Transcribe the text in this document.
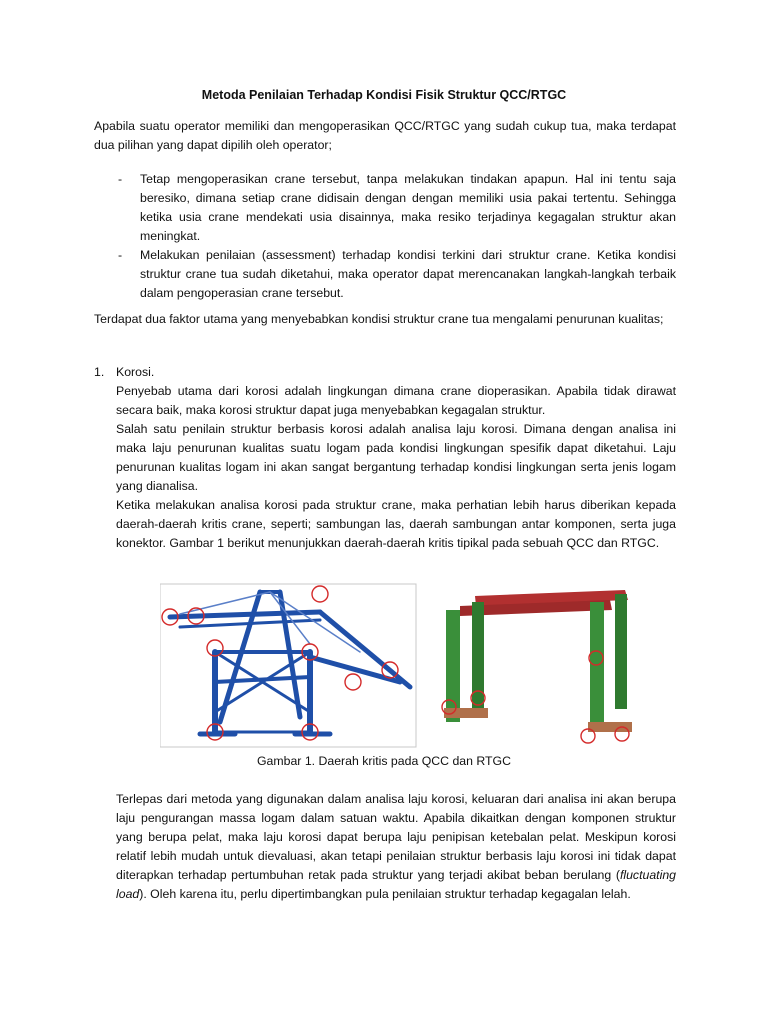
Metoda Penilaian Terhadap Kondisi Fisik Struktur QCC/RTGC

Apabila suatu operator memiliki dan mengoperasikan QCC/RTGC yang sudah cukup tua, maka terdapat dua pilihan yang dapat dipilih oleh operator;

- Tetap mengoperasikan crane tersebut, tanpa melakukan tindakan apapun. Hal ini tentu saja beresiko, dimana setiap crane didisain dengan dengan memiliki usia pakai tertentu. Sehingga ketika usia crane mendekati usia disainnya, maka resiko terjadinya kegagalan struktur akan meningkat.
- Melakukan penilaian (assessment) terhadap kondisi terkini dari struktur crane. Ketika kondisi struktur crane tua sudah diketahui, maka operator dapat merencanakan langkah-langkah terbaik dalam pengoperasian crane tersebut.

Terdapat dua faktor utama yang menyebabkan kondisi struktur crane tua mengalami penurunan kualitas;

1. Korosi.

Penyebab utama dari korosi adalah lingkungan dimana crane dioperasikan. Apabila tidak dirawat secara baik, maka korosi struktur dapat juga menyebabkan kegagalan struktur.

Salah satu penilain struktur berbasis korosi adalah analisa laju korosi. Dimana dengan analisa ini maka laju penurunan kualitas suatu logam pada kondisi lingkungan spesifik dapat diketahui. Laju penurunan kualitas logam ini akan sangat bergantung terhadap kondisi lingkungan serta jenis logam yang dianalisa.

Ketika melakukan analisa korosi pada struktur crane, maka perhatian lebih harus diberikan kepada daerah-daerah kritis crane, seperti; sambungan las, daerah sambungan antar komponen, serta juga konektor. Gambar 1 berikut menunjukkan daerah-daerah kritis tipikal pada sebuah QCC dan RTGC.

Gambar 1. Daerah kritis pada QCC dan RTGC
Terlepas dari metoda yang digunakan dalam analisa laju korosi, keluaran dari analisa ini akan berupa laju pengurangan massa logam dalam satuan waktu. Apabila dikaitkan dengan komponen struktur yang berupa pelat, maka laju korosi dapat berupa laju penipisan ketebalan pelat. Meskipun korosi relatif lebih mudah untuk dievaluasi, akan tetapi penilaian struktur berbasis laju korosi ini tidak dapat diterapkan terhadap pertumbuhan retak pada struktur yang terjadi akibat beban berulang (fluctuating load). Oleh karena itu, perlu dipertimbangkan pula penilaian struktur terhadap kegagalan lelah.
